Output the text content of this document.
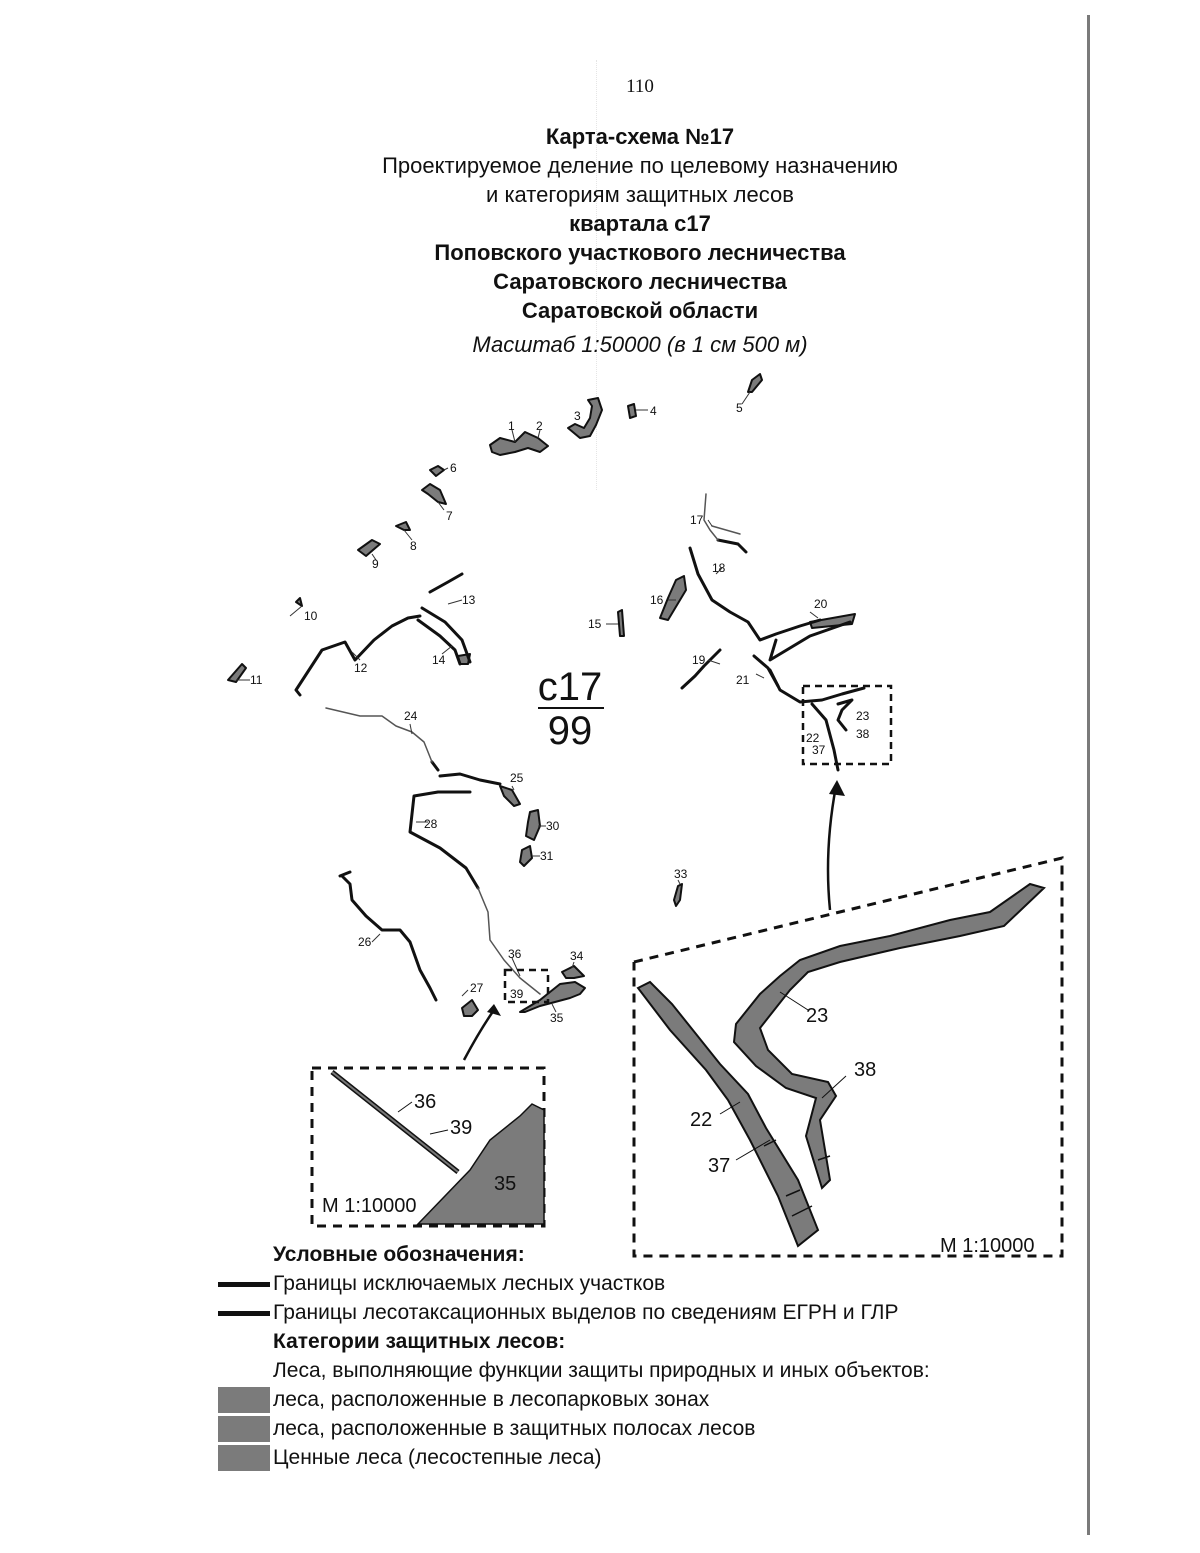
110
Карта-схема №17
Проектируемое деление по целевому назначению
и категориям защитных лесов
квартала с17
Поповского участкового лесничества
Саратовского лесничества
Саратовской области
Масштаб 1:50000 (в 1 см 500 м)
1 2
3	4	5
6
7
8
9
10
11
12
13
14
15
16
17
18
19
20
21
22
23
24
25
26
27
28	30
31
33
34
35
36
37
38
39
с17
99
36
39
35
М 1:10000
23
38
22
37
М 1:10000
Условные обозначения:
Границы исключаемых лесных участков
Границы лесотаксационных выделов по сведениям ЕГРН и ГЛР
Категории защитных лесов:
Леса, выполняющие функции защиты природных и иных объектов:
леса, расположенные в лесопарковых зонах
леса, расположенные в защитных полосах лесов
Ценные леса (лесостепные леса)
